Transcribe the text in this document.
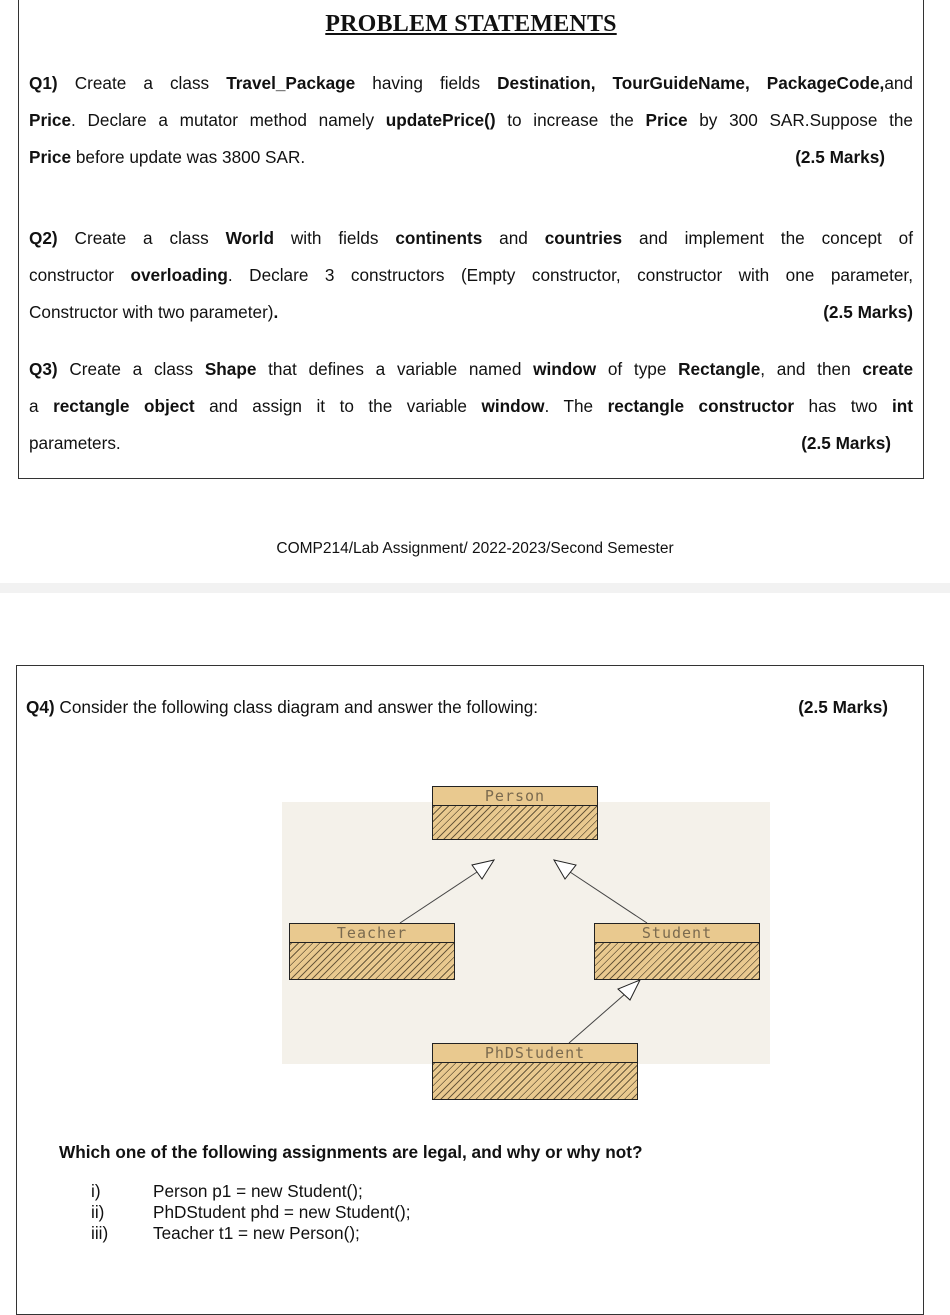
PROBLEM STATEMENTS
Q1) Create a class Travel_Package having fields Destination, TourGuideName, PackageCode,and
Price. Declare a mutator method namely updatePrice() to increase the Price by 300 SAR.Suppose the
Price before update was 3800 SAR.	(2.5 Marks)
Q2) Create a class World with fields continents and countries and implement the concept of
constructor overloading. Declare 3 constructors (Empty constructor, constructor with one parameter,
Constructor with two parameter).	(2.5 Marks)
Q3) Create a class Shape that defines a variable named window of type Rectangle, and then create
a rectangle object and assign it to the variable window. The rectangle constructor has two int
parameters.	(2.5 Marks)
COMP214/Lab Assignment/ 2022-2023/Second Semester
Q4) Consider the following class diagram and answer the following:	(2.5 Marks)
Person
Teacher	Student
PhDStudent
Which one of the following assignments are legal, and why or why not?
i)	Person p1 = new Student();
ii)	PhDStudent phd = new Student();
iii)	Teacher t1 = new Person();
